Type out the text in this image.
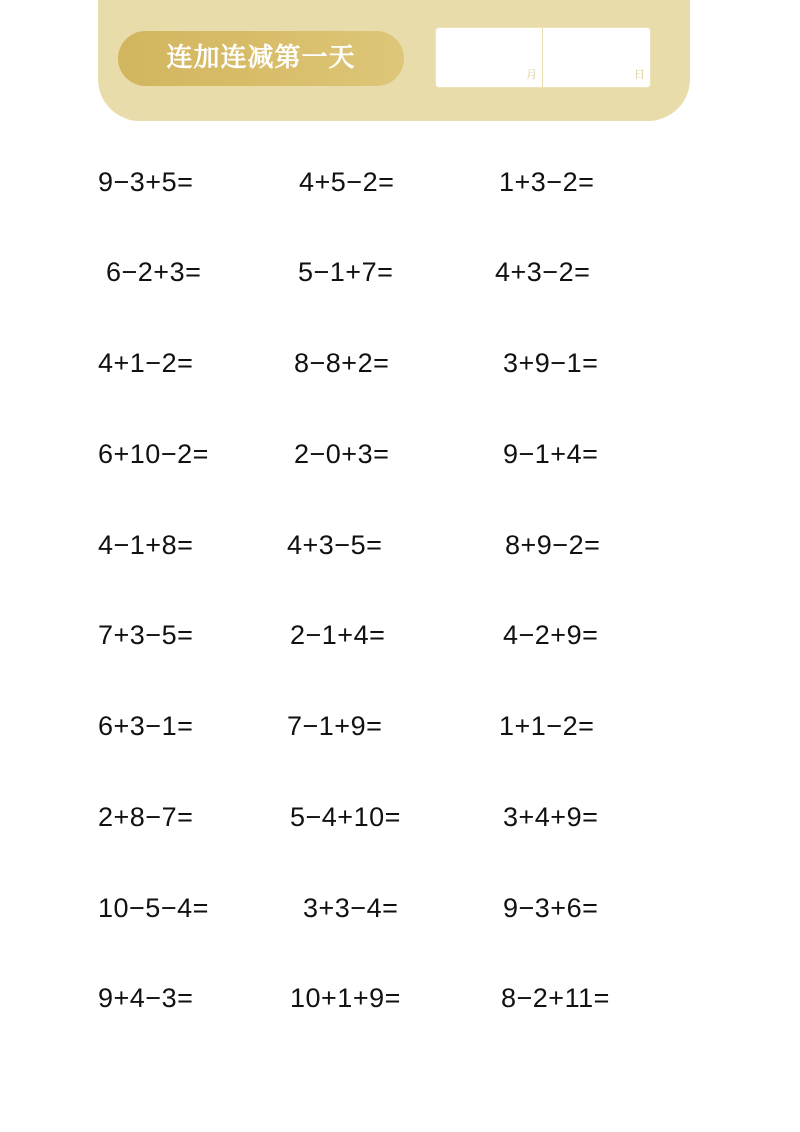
连加连减第一天
月	日
9−3+5=	4+5−2=	1+3−2=
6−2+3=	5−1+7=	4+3−2=
4+1−2=	8−8+2=	3+9−1=
6+10−2=	2−0+3=	9−1+4=
4−1+8=	4+3−5=	8+9−2=
7+3−5=	2−1+4=	4−2+9=
6+3−1=	7−1+9=	1+1−2=
2+8−7=	5−4+10=	3+4+9=
10−5−4=	3+3−4=	9−3+6=
9+4−3=	10+1+9=	8−2+11=
